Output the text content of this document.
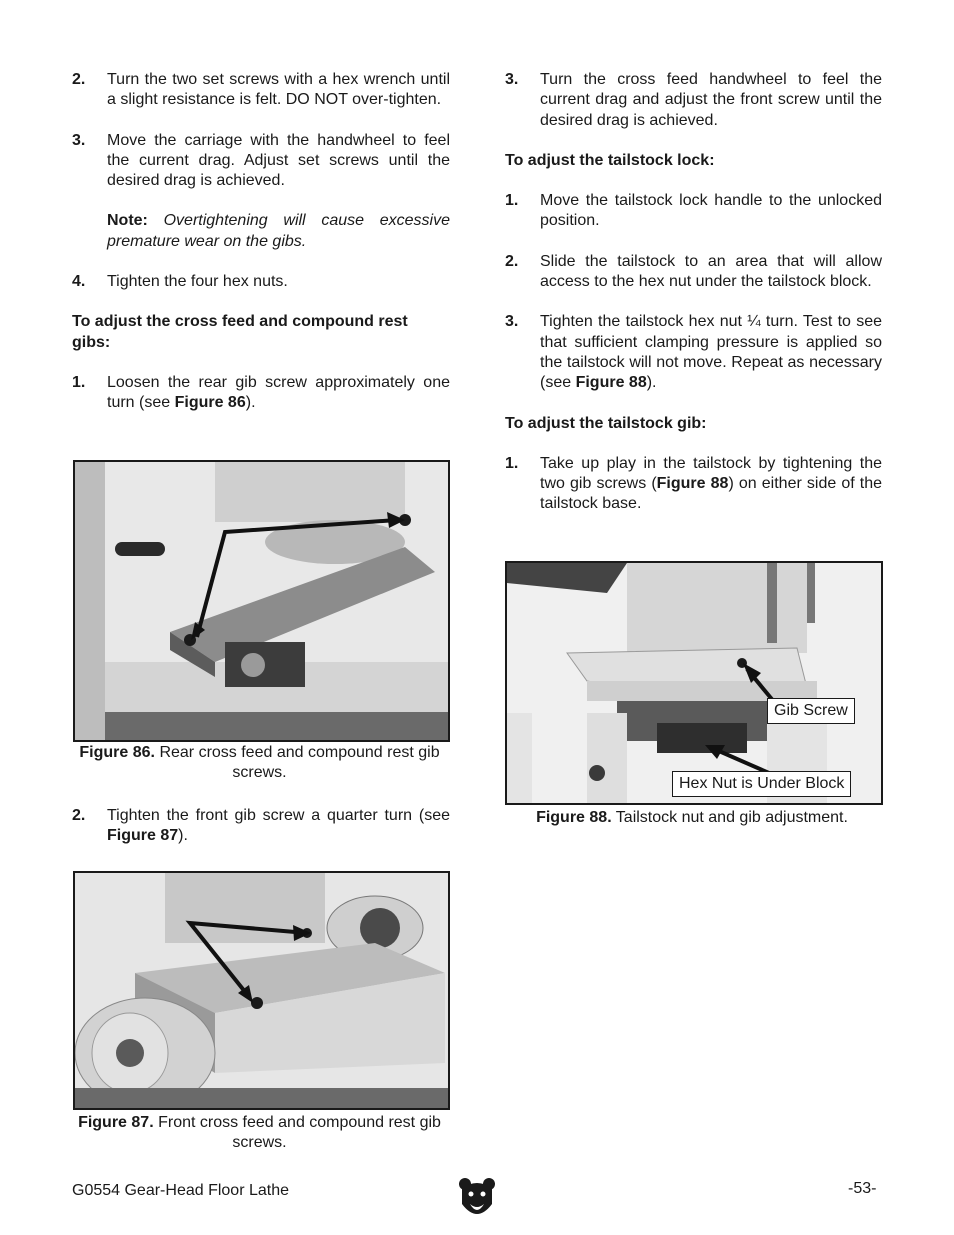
2.	Turn the two set screws with a hex wrench until a slight resistance is felt. DO NOT over-tighten.
3.	Move the carriage with the handwheel to feel the current drag. Adjust set screws until the desired drag is achieved.
Note: Overtightening will cause excessive premature wear on the gibs.
4.	Tighten the four hex nuts.
To adjust the cross feed and compound rest gibs:
1.	Loosen the rear gib screw approximately one turn (see Figure 86).
Figure 86. Rear cross feed and compound rest gib screws.
2.	Tighten the front gib screw a quarter turn (see Figure 87).
Figure 87. Front cross feed and compound rest gib screws.
3.	Turn the cross feed handwheel to feel the current drag and adjust the front screw until the desired drag is achieved.
To adjust the tailstock lock:
1.	Move the tailstock lock handle to the unlocked position.
2.	Slide the tailstock to an area that will allow access to the hex nut under the tailstock block.
3.	Tighten the tailstock hex nut ¼ turn. Test to see that sufficient clamping pressure is applied so the tailstock will not move. Repeat as necessary (see Figure 88).
To adjust the tailstock gib:
1.	Take up play in the tailstock by tightening the two gib screws (Figure 88) on either side of the tailstock base.
Gib Screw
Hex Nut is Under Block
Figure 88. Tailstock nut and gib adjustment.
G0554 Gear-Head Floor Lathe	-53-
